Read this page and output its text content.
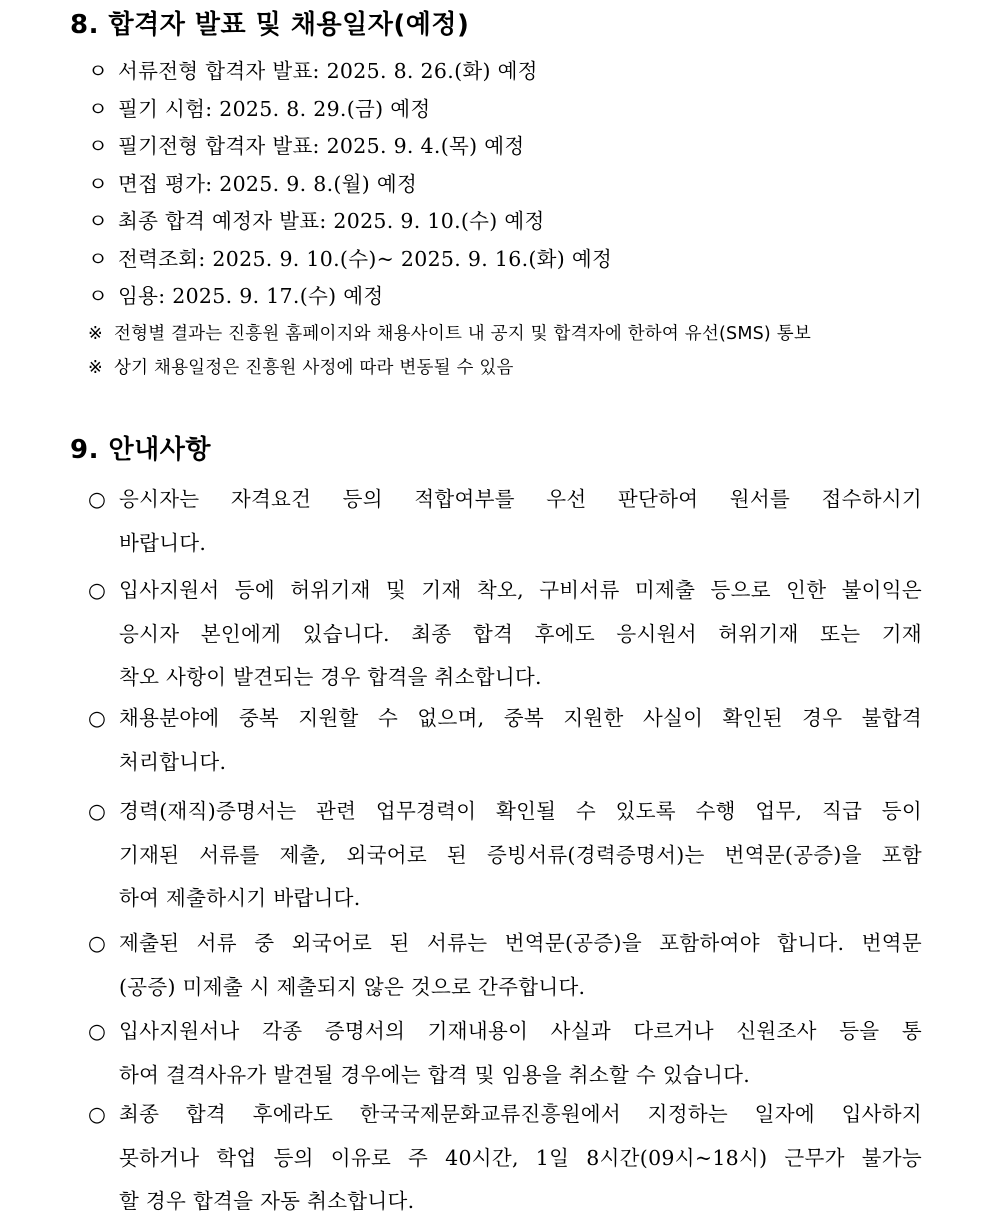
8. 합격자 발표 및 채용일자(예정)
ㅇ 서류전형 합격자 발표: 2025. 8. 26.(화) 예정
ㅇ 필기 시험: 2025. 8. 29.(금) 예정
ㅇ 필기전형 합격자 발표: 2025. 9. 4.(목) 예정
ㅇ 면접 평가: 2025. 9. 8.(월) 예정
ㅇ 최종 합격 예정자 발표: 2025. 9. 10.(수) 예정
ㅇ 전력조회: 2025. 9. 10.(수)~ 2025. 9. 16.(화) 예정
ㅇ 임용: 2025. 9. 17.(수) 예정
※ 전형별 결과는 진흥원 홈페이지와 채용사이트 내 공지 및 합격자에 한하여 유선(SMS) 통보
※ 상기 채용일정은 진흥원 사정에 따라 변동될 수 있음
9. 안내사항
○ 응시자는 자격요건 등의 적합여부를 우선 판단하여 원서를 접수하시기
바랍니다.
○ 입사지원서 등에 허위기재 및 기재 착오, 구비서류 미제출 등으로 인한 불이익은
응시자 본인에게 있습니다. 최종 합격 후에도 응시원서 허위기재 또는 기재
착오 사항이 발견되는 경우 합격을 취소합니다.
○ 채용분야에 중복 지원할 수 없으며, 중복 지원한 사실이 확인된 경우 불합격
처리합니다.
○ 경력(재직)증명서는 관련 업무경력이 확인될 수 있도록 수행 업무, 직급 등이
기재된 서류를 제출, 외국어로 된 증빙서류(경력증명서)는 번역문(공증)을 포함
하여 제출하시기 바랍니다.
○ 제출된 서류 중 외국어로 된 서류는 번역문(공증)을 포함하여야 합니다. 번역문
(공증) 미제출 시 제출되지 않은 것으로 간주합니다.
○ 입사지원서나 각종 증명서의 기재내용이 사실과 다르거나 신원조사 등을 통
하여 결격사유가 발견될 경우에는 합격 및 임용을 취소할 수 있습니다.
○ 최종 합격 후에라도 한국국제문화교류진흥원에서 지정하는 일자에 입사하지
못하거나 학업 등의 이유로 주 40시간, 1일 8시간(09시~18시) 근무가 불가능
할 경우 합격을 자동 취소합니다.
